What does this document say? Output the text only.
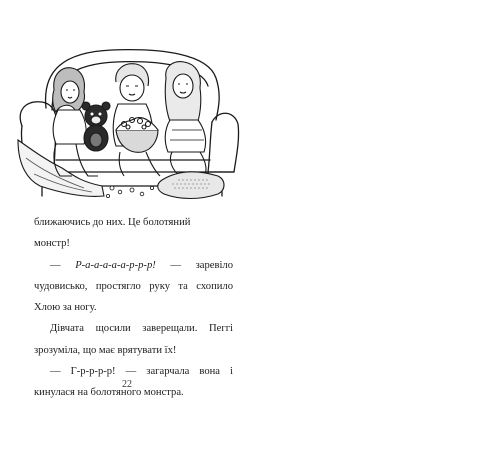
ближаючись до них. Це болотяний

монстр!

— Р-а-а-а-а-а-р-р-р! — заревіло чудовисько, простягло руку та схопило Хлою за ногу.

Дівчата щосили заверещали. Пеггі зрозуміла, що має врятувати їх!

— Г-р-р-р-р! — загарчала вона і кинулася на болотяного монстра.

22
